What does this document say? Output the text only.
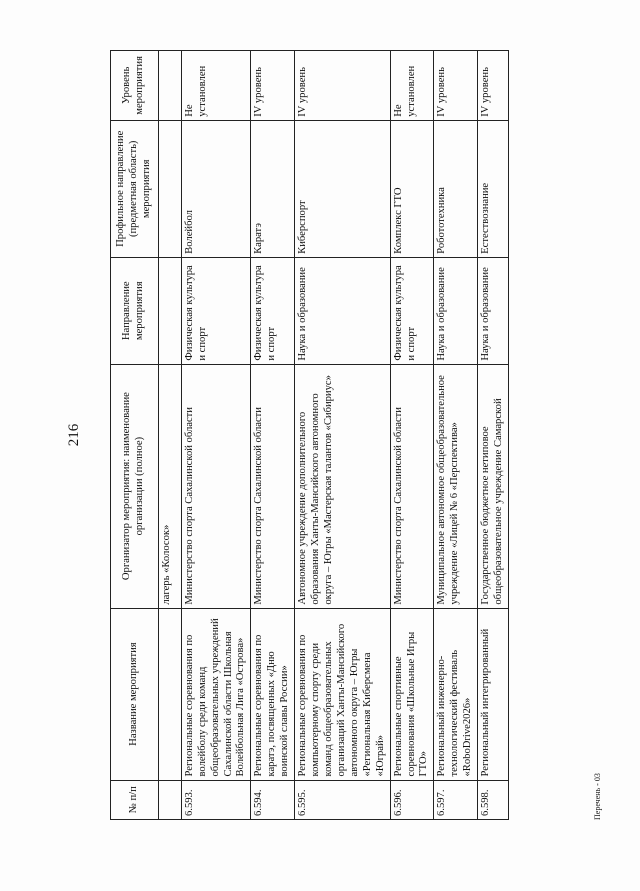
216
№ п/п	Название мероприятия	Организатор мероприятия: наименование организации (полное)	Направление мероприятия	Профильное направление (предметная область) мероприятия	Уровень мероприятия
		лагерь «Колосок»			
6.593.	Региональные соревнования по волейболу среди команд общеобразовательных учреждений Сахалинской области Школьная Волейбольная Лига «Острова»	Министерство спорта Сахалинской области	Физическая культура и спорт	Волейбол	Не установлен
6.594.	Региональные соревнования по каратэ, посвященных «Дню воинской славы России»	Министерство спорта Сахалинской области	Физическая культура и спорт	Каратэ	IV уровень
6.595.	Региональные соревнования по компьютерному спорту среди команд общеобразовательных организаций Ханты-Мансийского автономного округа – Югры «Региональная Киберсмена «Юграй»	Автономное учреждение дополнительного образования Ханты-Мансийского автономного округа – Югры «Мастерская талантов «Сибириус»	Наука и образование	Киберспорт	IV уровень
6.596.	Региональные спортивные соревнования «Школьные Игры ГТО»	Министерство спорта Сахалинской области	Физическая культура и спорт	Комплекс ГТО	Не установлен
6.597.	Региональный инженерно-технологический фестиваль «RoboDrive2026»	Муниципальное автономное общеобразовательное учреждение «Лицей № 6 «Перспектива»	Наука и образование	Робототехника	IV уровень
6.598.	Региональный интегрированный	Государственное бюджетное нетиповое общеобразовательное учреждение Самарской	Наука и образование	Естествознание	IV уровень
Перечень - 03
